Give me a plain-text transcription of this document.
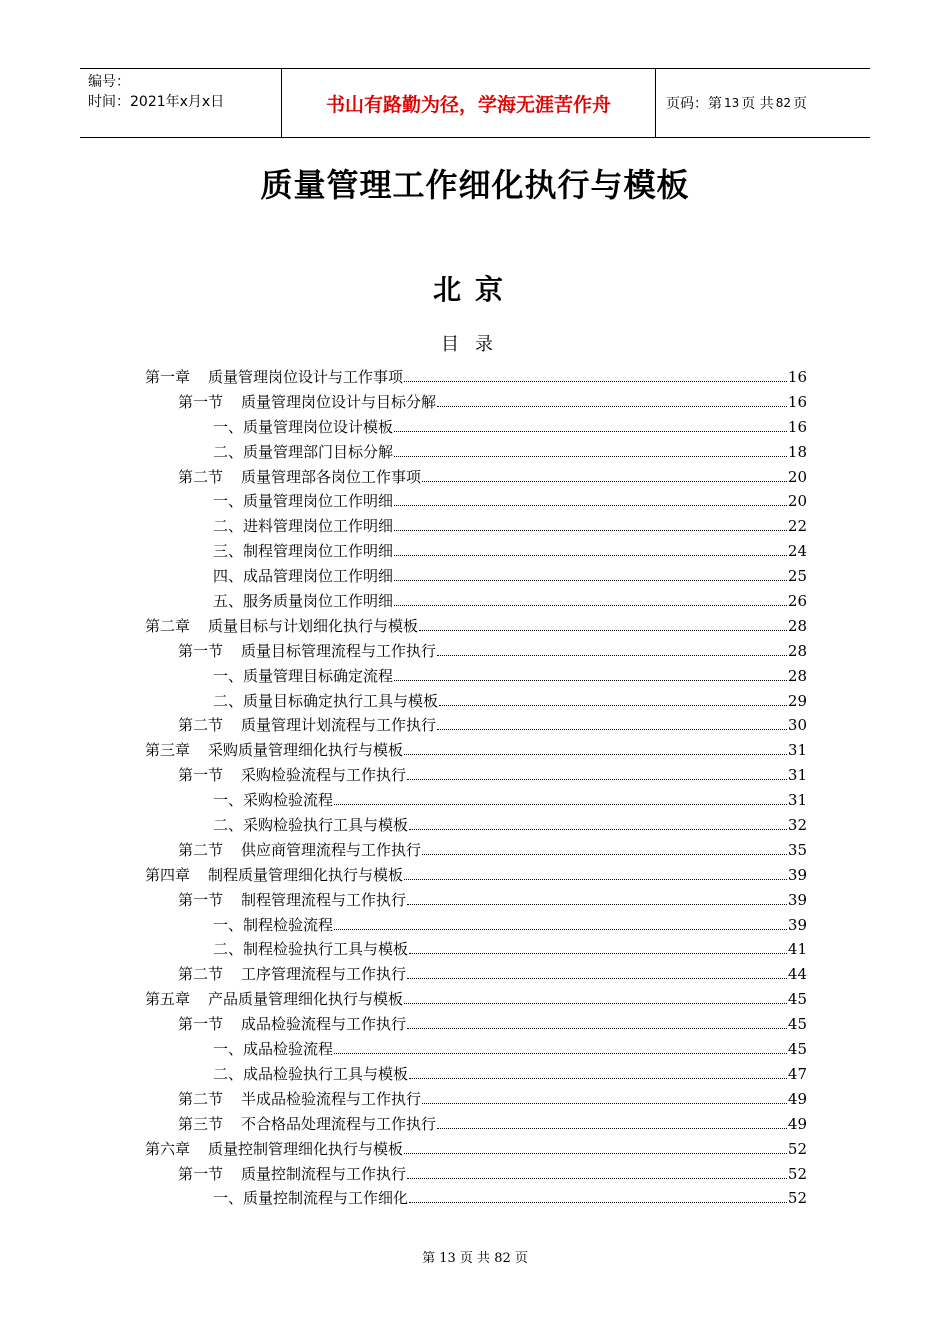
编号：
时间：2021年x月x日	书山有路勤为径，学海无涯苦作舟	页码：第 13 页 共 82 页
质量管理工作细化执行与模板
北京
目录
第一章 质量管理岗位设计与工作事项	16
第一节 质量管理岗位设计与目标分解	16
一、质量管理岗位设计模板	16
二、质量管理部门目标分解	18
第二节 质量管理部各岗位工作事项	20
一、质量管理岗位工作明细	20
二、进料管理岗位工作明细	22
三、制程管理岗位工作明细	24
四、成品管理岗位工作明细	25
五、服务质量岗位工作明细	26
第二章 质量目标与计划细化执行与模板	28
第一节 质量目标管理流程与工作执行	28
一、质量管理目标确定流程	28
二、质量目标确定执行工具与模板	29
第二节 质量管理计划流程与工作执行	30
第三章 采购质量管理细化执行与模板	31
第一节 采购检验流程与工作执行	31
一、采购检验流程	31
二、采购检验执行工具与模板	32
第二节 供应商管理流程与工作执行	35
第四章 制程质量管理细化执行与模板	39
第一节 制程管理流程与工作执行	39
一、制程检验流程	39
二、制程检验执行工具与模板	41
第二节 工序管理流程与工作执行	44
第五章 产品质量管理细化执行与模板	45
第一节 成品检验流程与工作执行	45
一、成品检验流程	45
二、成品检验执行工具与模板	47
第二节 半成品检验流程与工作执行	49
第三节 不合格品处理流程与工作执行	49
第六章 质量控制管理细化执行与模板	52
第一节 质量控制流程与工作执行	52
一、质量控制流程与工作细化	52
第 13 页 共 82 页
